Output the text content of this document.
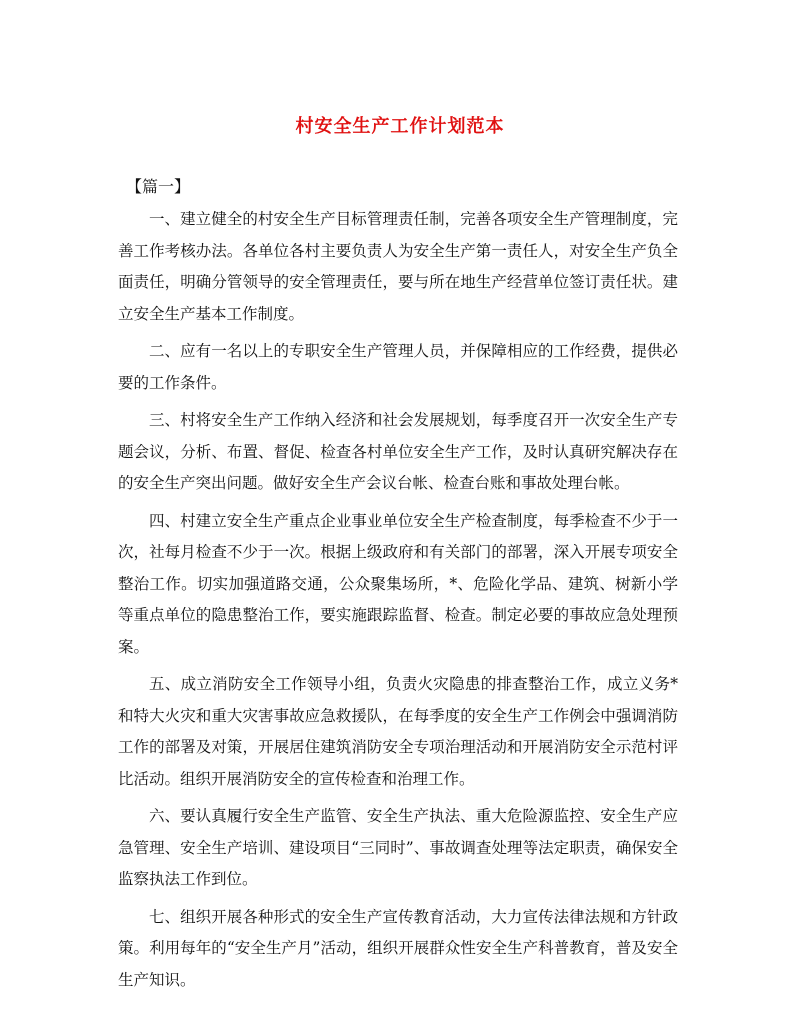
村安全生产工作计划范本
【篇一】

一、建立健全的村安全生产目标管理责任制，完善各项安全生产管理制度，完善工作考核办法。各单位各村主要负责人为安全生产第一责任人，对安全生产负全面责任，明确分管领导的安全管理责任，要与所在地生产经营单位签订责任状。建立安全生产基本工作制度。

二、应有一名以上的专职安全生产管理人员，并保障相应的工作经费，提供必要的工作条件。

三、村将安全生产工作纳入经济和社会发展规划，每季度召开一次安全生产专题会议，分析、布置、督促、检查各村单位安全生产工作，及时认真研究解决存在的安全生产突出问题。做好安全生产会议台帐、检查台账和事故处理台帐。

四、村建立安全生产重点企业事业单位安全生产检查制度，每季检查不少于一次，社每月检查不少于一次。根据上级政府和有关部门的部署，深入开展专项安全整治工作。切实加强道路交通，公众聚集场所，*、危险化学品、建筑、树新小学等重点单位的隐患整治工作，要实施跟踪监督、检查。制定必要的事故应急处理预案。

五、成立消防安全工作领导小组，负责火灾隐患的排查整治工作，成立义务*和特大火灾和重大灾害事故应急救援队，在每季度的安全生产工作例会中强调消防工作的部署及对策，开展居住建筑消防安全专项治理活动和开展消防安全示范村评比活动。组织开展消防安全的宣传检查和治理工作。

六、要认真履行安全生产监管、安全生产执法、重大危险源监控、安全生产应急管理、安全生产培训、建设项目“三同时”、事故调查处理等法定职责，确保安全监察执法工作到位。

七、组织开展各种形式的安全生产宣传教育活动，大力宣传法律法规和方针政策。利用每年的“安全生产月”活动，组织开展群众性安全生产科普教育，普及安全生产知识。
